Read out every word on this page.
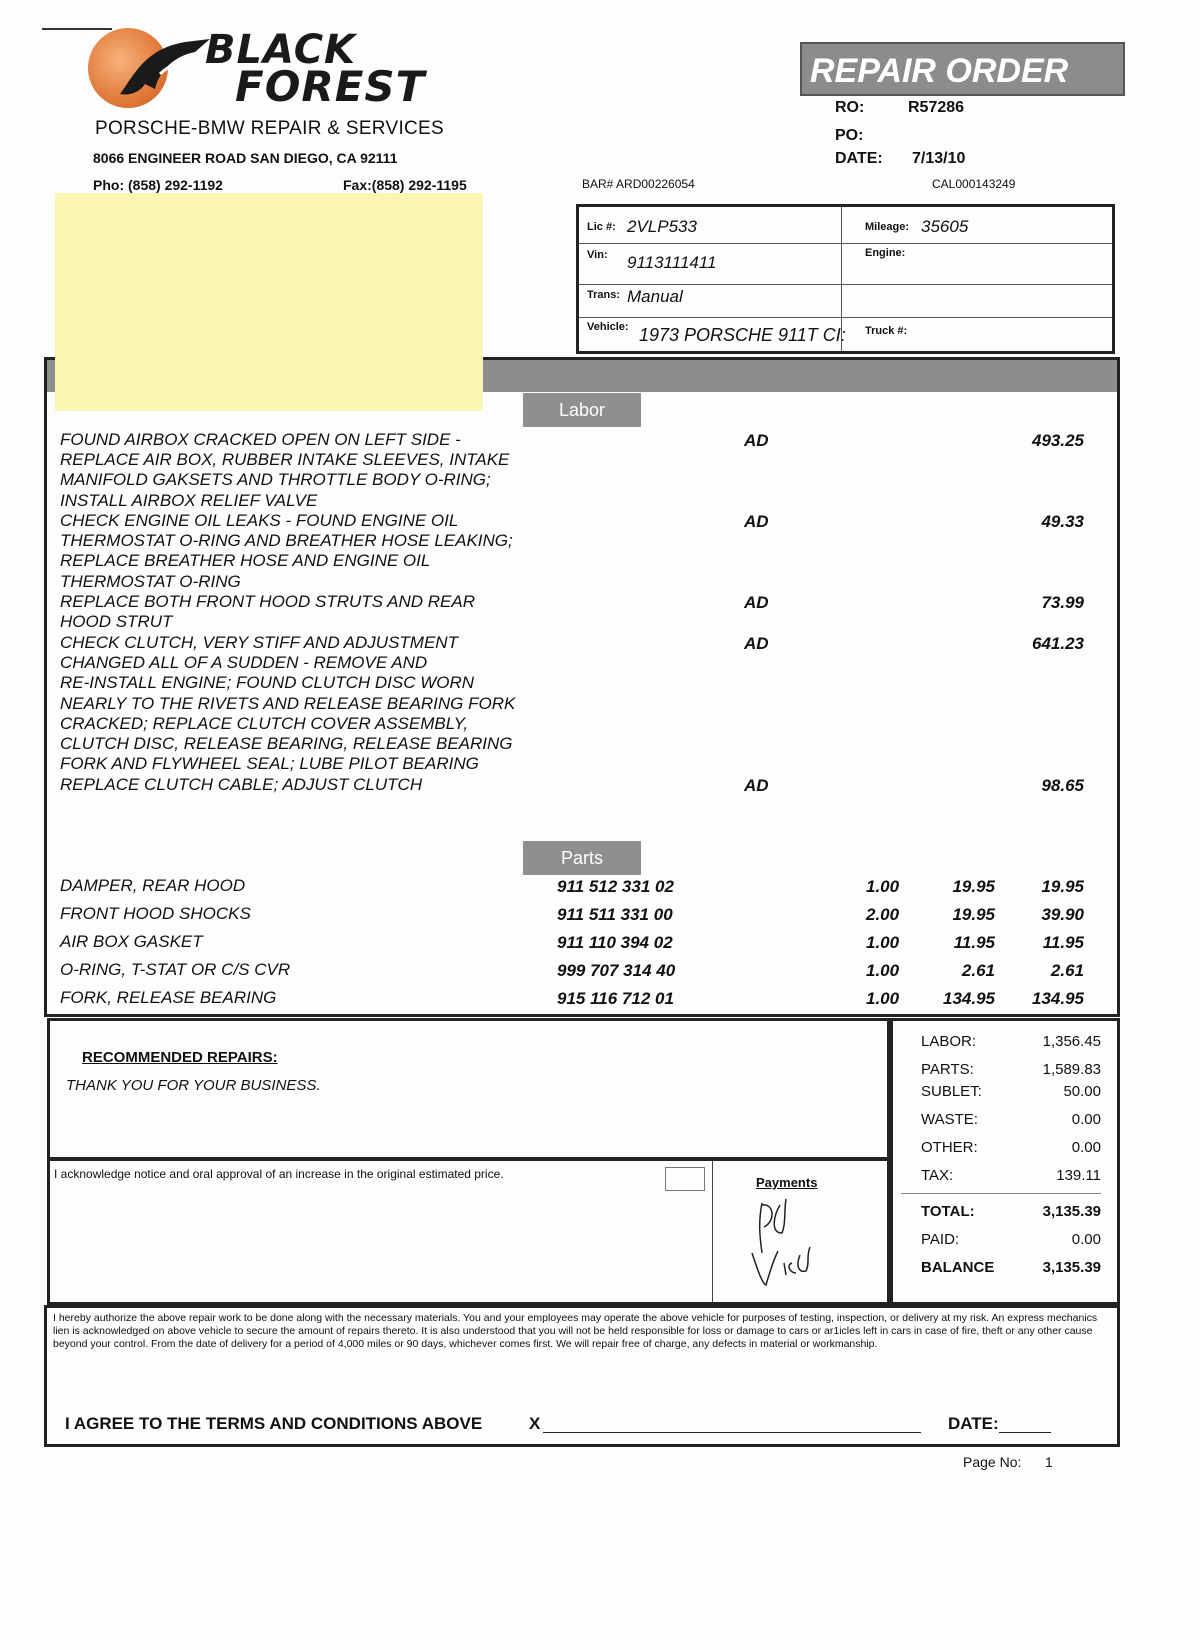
BLACK
FOREST
PORSCHE-BMW REPAIR & SERVICES
8066 ENGINEER ROAD SAN DIEGO, CA 92111
Pho: (858) 292-1192	Fax:(858) 292-1195	BAR# ARD00226054
REPAIR ORDER
RO:	R57286
PO:
DATE: 7/13/10
CAL000143249
Lic #: 2VLP533
Vin: 9113111411
Trans: Manual
Vehicle: 1973 PORSCHE 911T CI:
Mileage: 35605
Engine:
Truck #:
Labor
FOUND AIRBOX CRACKED OPEN ON LEFT SIDE -
REPLACE AIR BOX, RUBBER INTAKE SLEEVES, INTAKE
MANIFOLD GAKSETS AND THROTTLE BODY O-RING;
INSTALL AIRBOX RELIEF VALVE
AD	493.25
CHECK ENGINE OIL LEAKS - FOUND ENGINE OIL
THERMOSTAT O-RING AND BREATHER HOSE LEAKING;
REPLACE BREATHER HOSE AND ENGINE OIL
THERMOSTAT O-RING
AD	49.33
REPLACE BOTH FRONT HOOD STRUTS AND REAR
HOOD STRUT
AD	73.99
CHECK CLUTCH, VERY STIFF AND ADJUSTMENT
CHANGED ALL OF A SUDDEN - REMOVE AND
RE-INSTALL ENGINE; FOUND CLUTCH DISC WORN
NEARLY TO THE RIVETS AND RELEASE BEARING FORK
CRACKED; REPLACE CLUTCH COVER ASSEMBLY,
CLUTCH DISC, RELEASE BEARING, RELEASE BEARING
FORK AND FLYWHEEL SEAL; LUBE PILOT BEARING
AD	641.23
REPLACE CLUTCH CABLE; ADJUST CLUTCH	AD	98.65
Parts
DAMPER, REAR HOOD	911 512 331 02	1.00	19.95	19.95
FRONT HOOD SHOCKS	911 511 331 00	2.00	19.95	39.90
AIR BOX GASKET	911 110 394 02	1.00	11.95	11.95
O-RING, T-STAT OR C/S CVR	999 707 314 40	1.00	2.61	2.61
FORK, RELEASE BEARING	915 116 712 01	1.00	134.95	134.95
RECOMMENDED REPAIRS:
THANK YOU FOR YOUR BUSINESS.
LABOR:	1,356.45
PARTS:	1,589.83
SUBLET:	50.00
WASTE:	0.00
OTHER:	0.00
TAX:	139.11
TOTAL:	3,135.39
PAID:	0.00
BALANCE	3,135.39
I acknowledge notice and oral approval of an increase in the original estimated price.
Payments
I hereby authorize the above repair work to be done along with the necessary materials. You and your employees may operate the above vehicle for purposes of testing, inspection, or delivery at my risk. An express mechanics lien is acknowledged on above vehicle to secure the amount of repairs thereto. It is also understood that you will not be held responsible for loss or damage to cars or ar1icles left in cars in case of fire, theft or any other cause beyond your control. From the date of delivery for a period of 4,000 miles or 90 days, whichever comes first. We will repair free of charge, any defects in material or workmanship.
I AGREE TO THE TERMS AND CONDITIONS ABOVE	X	DATE:
Page No: 1
